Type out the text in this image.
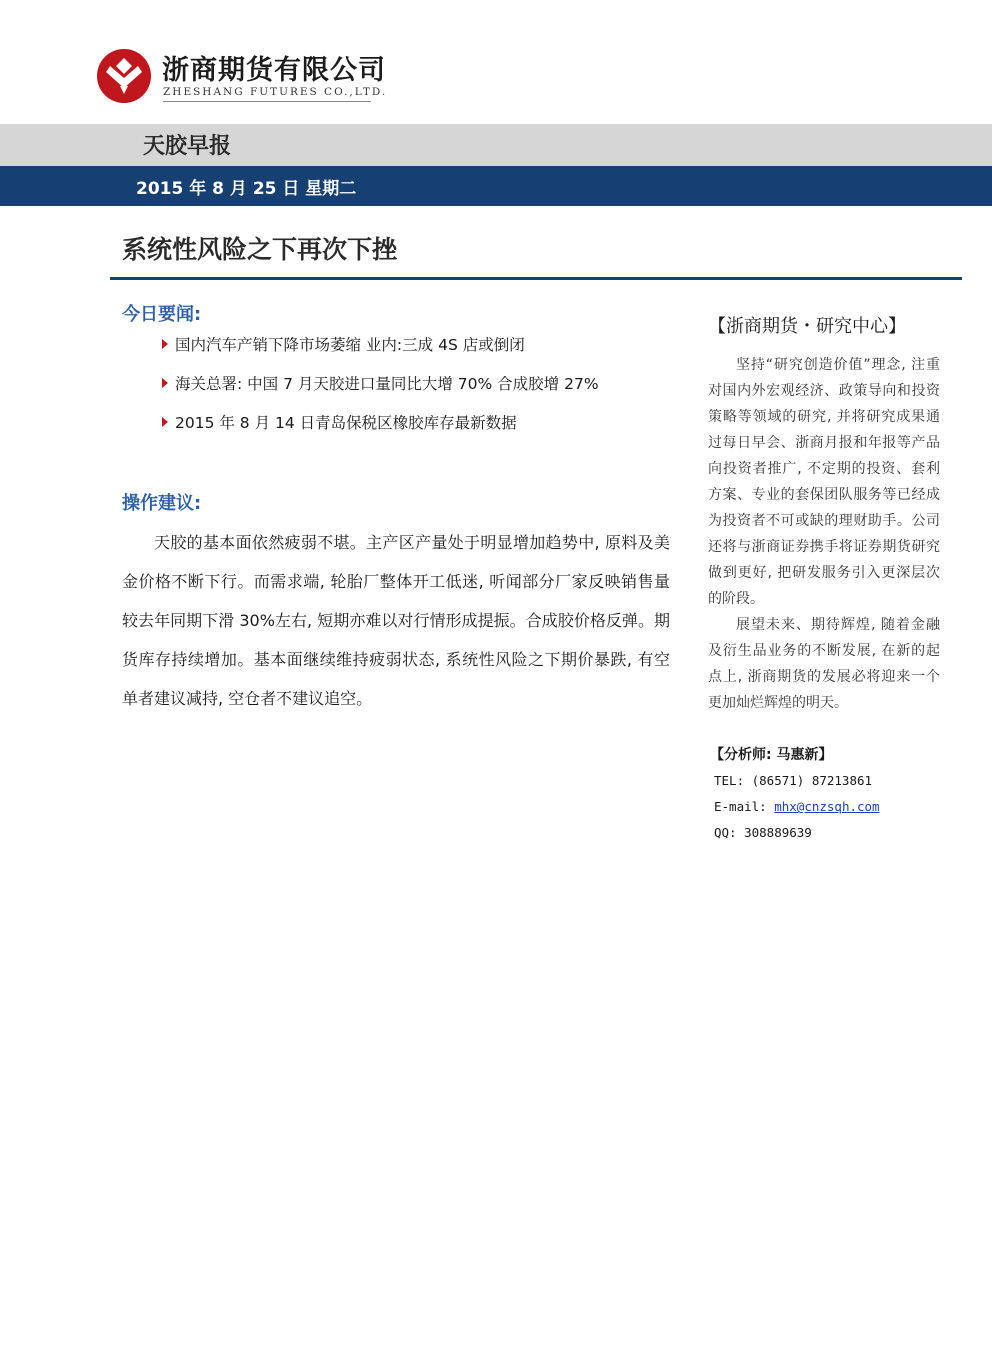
浙商期货有限公司
ZHESHANG FUTURES CO.,LTD.
天胶早报
2015 年 8 月 25 日 星期二
系统性风险之下再次下挫
今日要闻:
国内汽车产销下降市场萎缩 业内:三成 4S 店或倒闭
海关总署: 中国 7 月天胶进口量同比大增 70% 合成胶增 27%
2015 年 8 月 14 日青岛保税区橡胶库存最新数据
操作建议:
天胶的基本面依然疲弱不堪。主产区产量处于明显增加趋势中, 原料及美金价格不断下行。而需求端, 轮胎厂整体开工低迷, 听闻部分厂家反映销售量较去年同期下滑 30%左右, 短期亦难以对行情形成提振。合成胶价格反弹。期货库存持续增加。基本面继续维持疲弱状态, 系统性风险之下期价暴跌, 有空单者建议减持, 空仓者不建议追空。
【浙商期货・研究中心】

坚持“研究创造价值”理念, 注重对国内外宏观经济、政策导向和投资策略等领域的研究, 并将研究成果通过每日早会、浙商月报和年报等产品向投资者推广, 不定期的投资、套利方案、专业的套保团队服务等已经成为投资者不可或缺的理财助手。公司还将与浙商证券携手将证券期货研究做到更好, 把研发服务引入更深层次的阶段。

展望未来、期待辉煌, 随着金融及衍生品业务的不断发展, 在新的起点上, 浙商期货的发展必将迎来一个更加灿烂辉煌的明天。

【分析师: 马惠新】
TEL: (86571) 87213861
E-mail: mhx@cnzsqh.com
QQ: 308889639
